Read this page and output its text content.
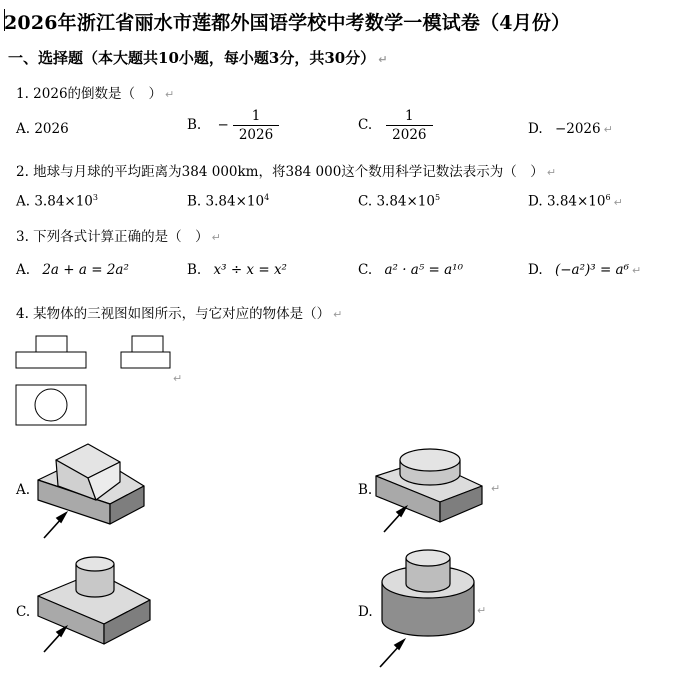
2026年浙江省丽水市莲都外国语学校中考数学一模试卷（4月份）
一、选择题（本大题共10小题，每小题3分，共30分） ↵
1. 2026的倒数是（　） ↵
A. 2026	B. − $\frac{1}{2026}$	C. $\frac{1}{2026}$	D. −2026 ↵
2. 地球与月球的平均距离为384 000km，将384 000这个数用科学记数法表示为（　） ↵
A. $3.84\times 10^3$	B. $3.84\times 10^4$	C. $3.84\times 10^5$	D. $3.84\times 10^6$ ↵
3. 下列各式计算正确的是（　） ↵
A. 2a + a = 2a²	B. x³ ÷ x = x²	C. a² · a⁵ = a¹⁰	D. (−a²)³ = a⁶ ↵
4. 某物体的三视图如图所示，与它对应的物体是（） ↵
↵
A.	B.	↵
C.	D.	↵
